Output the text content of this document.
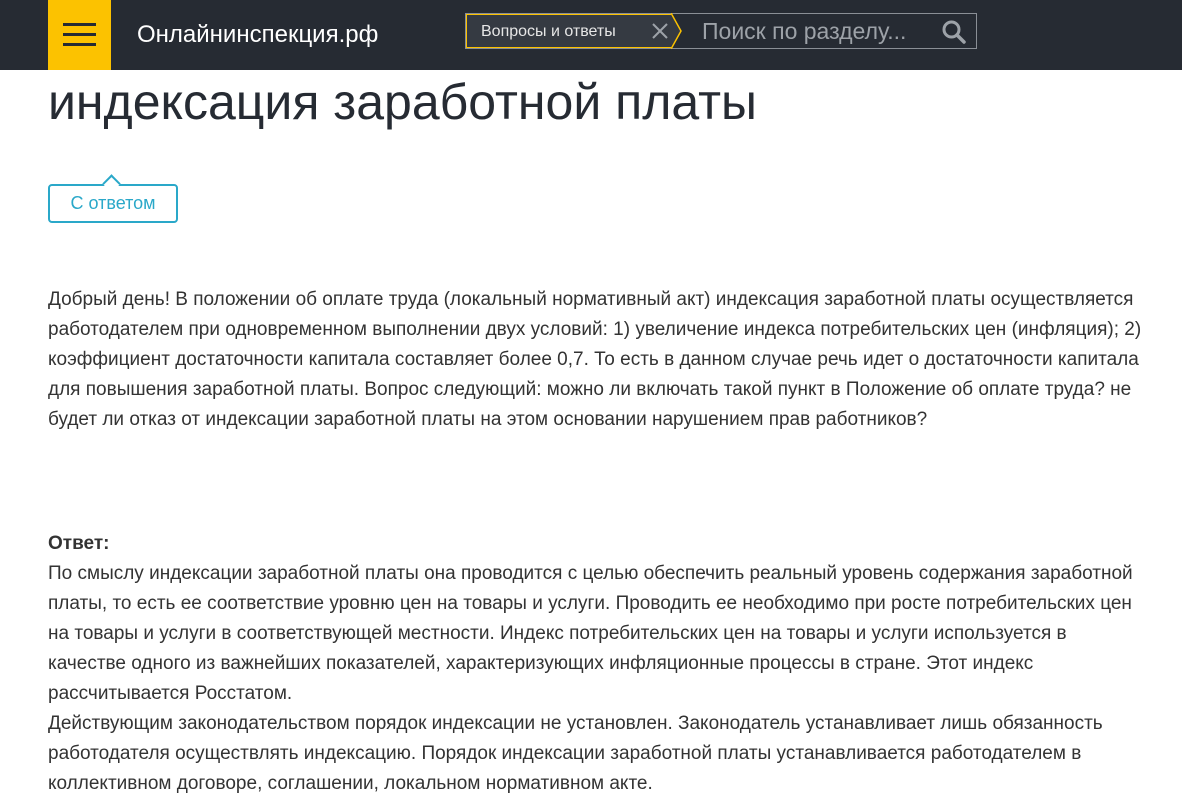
Онлайнинспекция.рф	Вопросы и ответы
Поиск по разделу...
индексация заработной платы
С ответом

Добрый день! В положении об оплате труда (локальный нормативный акт) индексация заработной платы осуществляется работодателем при одновременном выполнении двух условий: 1) увеличение индекса потребительских цен (инфляция); 2) коэффициент достаточности капитала составляет более 0,7. То есть в данном случае речь идет о достаточности капитала для повышения заработной платы. Вопрос следующий: можно ли включать такой пункт в Положение об оплате труда? не будет ли отказ от индексации заработной платы на этом основании нарушением прав работников?

Ответ:

По смыслу индексации заработной платы она проводится с целью обеспечить реальный уровень содержания заработной платы, то есть ее соответствие уровню цен на товары и услуги. Проводить ее необходимо при росте потребительских цен на товары и услуги в соответствующей местности. Индекс потребительских цен на товары и услуги используется в качестве одного из важнейших показателей, характеризующих инфляционные процессы в стране. Этот индекс рассчитывается Росстатом.

Действующим законодательством порядок индексации не установлен. Законодатель устанавливает лишь обязанность работодателя осуществлять индексацию. Порядок индексации заработной платы устанавливается работодателем в коллективном договоре, соглашении, локальном нормативном акте.
